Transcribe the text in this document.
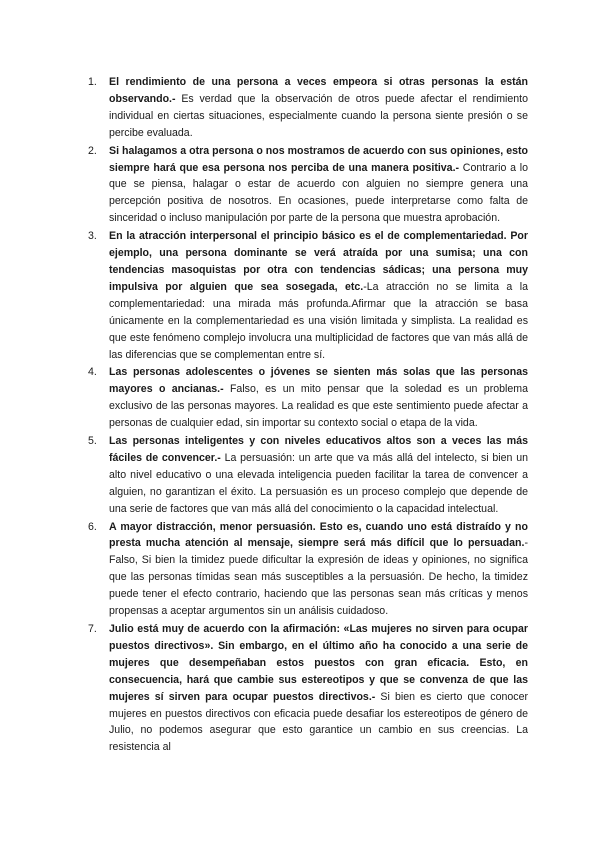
1. El rendimiento de una persona a veces empeora si otras personas la están observando.- Es verdad que la observación de otros puede afectar el rendimiento individual en ciertas situaciones, especialmente cuando la persona siente presión o se percibe evaluada.
2. Si halagamos a otra persona o nos mostramos de acuerdo con sus opiniones, esto siempre hará que esa persona nos perciba de una manera positiva.- Contrario a lo que se piensa, halagar o estar de acuerdo con alguien no siempre genera una percepción positiva de nosotros. En ocasiones, puede interpretarse como falta de sinceridad o incluso manipulación por parte de la persona que muestra aprobación.
3. En la atracción interpersonal el principio básico es el de complementariedad. Por ejemplo, una persona dominante se verá atraída por una sumisa; una con tendencias masoquistas por otra con tendencias sádicas; una persona muy impulsiva por alguien que sea sosegada, etc.-La atracción no se limita a la complementariedad: una mirada más profunda.Afirmar que la atracción se basa únicamente en la complementariedad es una visión limitada y simplista. La realidad es que este fenómeno complejo involucra una multiplicidad de factores que van más allá de las diferencias que se complementan entre sí.
4. Las personas adolescentes o jóvenes se sienten más solas que las personas mayores o ancianas.- Falso, es un mito pensar que la soledad es un problema exclusivo de las personas mayores. La realidad es que este sentimiento puede afectar a personas de cualquier edad, sin importar su contexto social o etapa de la vida.
5. Las personas inteligentes y con niveles educativos altos son a veces las más fáciles de convencer.- La persuasión: un arte que va más allá del intelecto, si bien un alto nivel educativo o una elevada inteligencia pueden facilitar la tarea de convencer a alguien, no garantizan el éxito. La persuasión es un proceso complejo que depende de una serie de factores que van más allá del conocimiento o la capacidad intelectual.
6. A mayor distracción, menor persuasión. Esto es, cuando uno está distraído y no presta mucha atención al mensaje, siempre será más difícil que lo persuadan.-Falso, Si bien la timidez puede dificultar la expresión de ideas y opiniones, no significa que las personas tímidas sean más susceptibles a la persuasión. De hecho, la timidez puede tener el efecto contrario, haciendo que las personas sean más críticas y menos propensas a aceptar argumentos sin un análisis cuidadoso.
7. Julio está muy de acuerdo con la afirmación: «Las mujeres no sirven para ocupar puestos directivos». Sin embargo, en el último año ha conocido a una serie de mujeres que desempeñaban estos puestos con gran eficacia. Esto, en consecuencia, hará que cambie sus estereotipos y que se convenza de que las mujeres sí sirven para ocupar puestos directivos.- Si bien es cierto que conocer mujeres en puestos directivos con eficacia puede desafiar los estereotipos de género de Julio, no podemos asegurar que esto garantice un cambio en sus creencias. La resistencia al
